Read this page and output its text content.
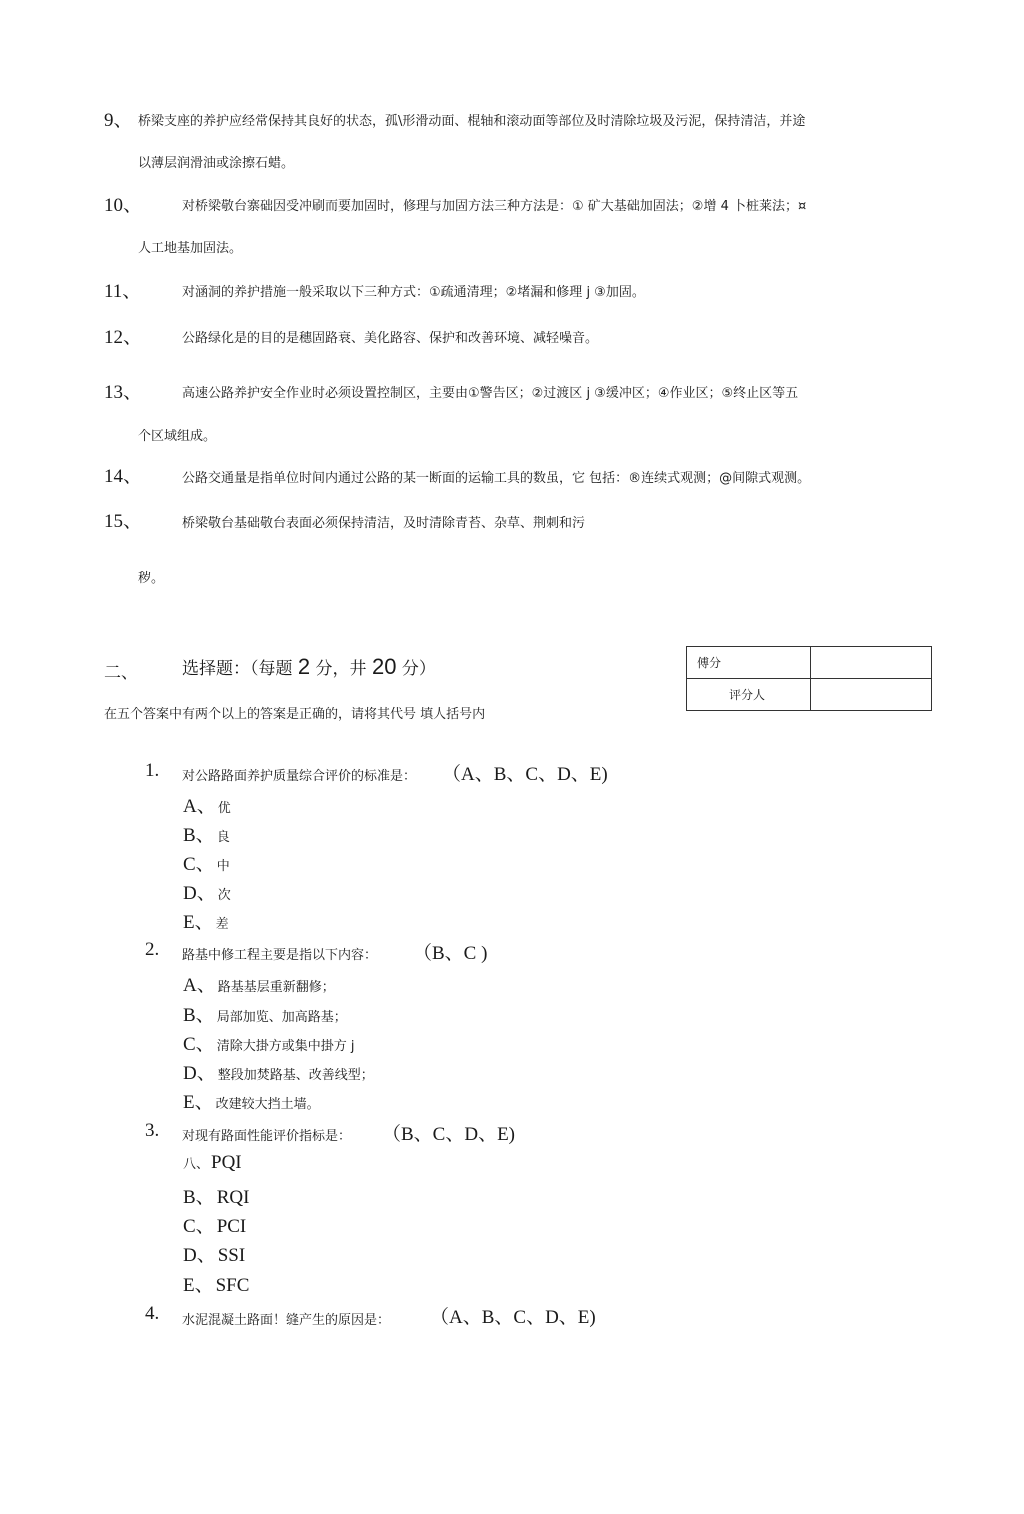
9、 桥梁支座的养护应经常保持其良好的状态，孤\形滑动面、棍轴和滚动面等部位及时清除垃圾及污泥，保持清洁，并途
以薄层润滑油或涂擦石蜡。
10、	对桥梁敬台寨础因受冲刷而要加固时，修理与加固方法三种方法是：① 矿大基础加固法；②增 4 卜桩莱法；¤
人工地基加固法。
11、	对涵洞的养护措施一般采取以下三种方式：①疏通清理；②堵漏和修理 j ③加固。
12、	公路绿化是的目的是穗固路衰、美化路容、保护和改善环境、减轻噪音。
13、	高速公路养护安全作业时必须设置控制区，主要由①警告区；②过渡区 j ③缓冲区；④作业区；⑤终止区等五
个区域组成。
14、	公路交通量是指单位时间内通过公路的某一断面的运输工具的数虽，它 包括：®连续式观测；@间隙式观测。
15、	桥梁敬台基础敬台表面必须保持清洁，及时清除青苔、杂草、荆刺和污
秽。
二、	选择题：（每题 2 分，井 20 分）
在五个答案中有两个以上的答案是正确的，请将其代号 填人括号内
傅分	
评分人	
1. 对公路路面养护质量综合评价的标准是： （A、B、C、D、E)
A、 优
B、 良
C、 中
D、 次
E、 差
2. 路基中修工程主要是指以下内容： （B、C )
A、 路基基层重新翻修；
B、 局部加览、加高路基；
C、 清除大掛方或集中掛方 j
D、 整段加焚路基、改善线型；
E、 改建较大挡土墙。
3. 对现有路面性能评价指标是： （B、C、D、E)
八、 PQI
B、 RQI
C、 PCI
D、 SSI
E、 SFC
4. 水泥混凝土路面！缝产生的原因是： （A、B、C、D、E)
